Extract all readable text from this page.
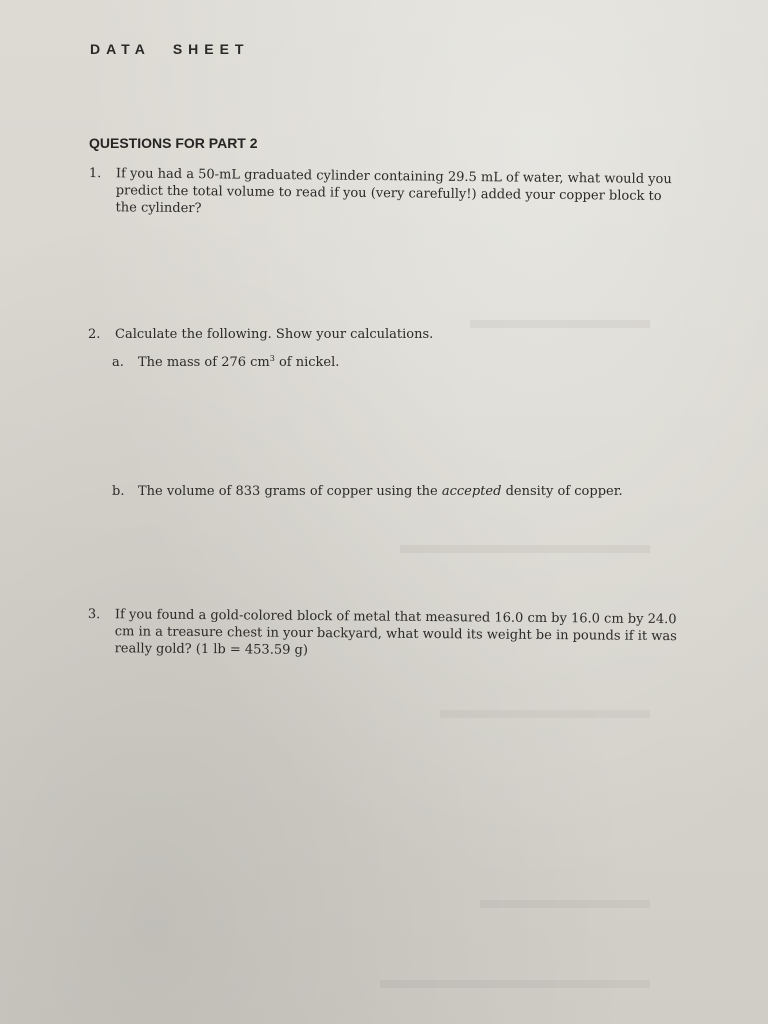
DATA SHEET
QUESTIONS FOR PART 2
1. If you had a 50-mL graduated cylinder containing 29.5 mL of water, what would you predict the total volume to read if you (very carefully!) added your copper block to the cylinder?
2. Calculate the following. Show your calculations.
a. The mass of 276 $cm^3$ of nickel.
b. The volume of 833 grams of copper using the accepted density of copper.
3. If you found a gold-colored block of metal that measured 16.0 cm by 16.0 cm by 24.0 cm in a treasure chest in your backyard, what would its weight be in pounds if it was really gold? (1 lb = 453.59 g)
